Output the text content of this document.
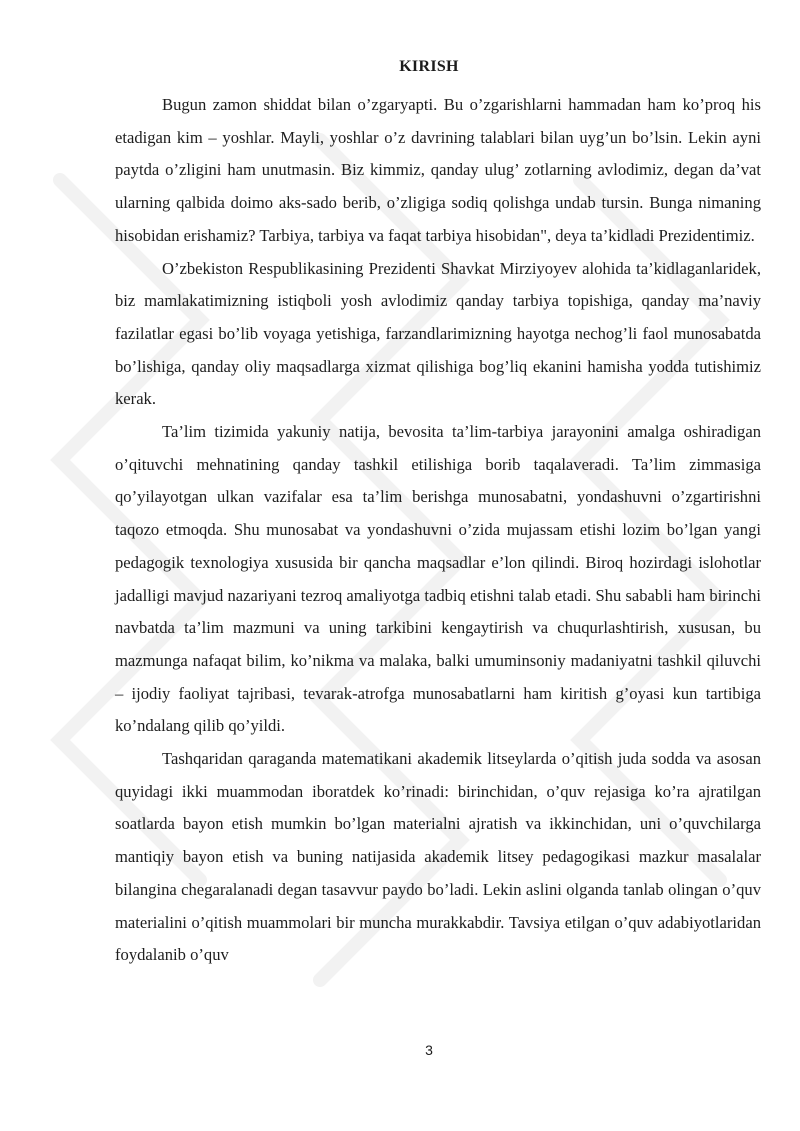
KIRISH

Bugun zamon shiddat bilan o’zgaryapti. Bu o’zgarishlarni hammadan ham ko’proq his etadigan kim – yoshlar. Mayli, yoshlar o’z davrining talablari bilan uyg’un bo’lsin. Lekin ayni paytda o’zligini ham unutmasin. Biz kimmiz, qanday ulug’ zotlarning avlodimiz, degan da’vat ularning qalbida doimo aks-sado berib, o’zligiga sodiq qolishga undab tursin. Bunga nimaning hisobidan erishamiz? Tarbiya, tarbiya va faqat tarbiya hisobidan", deya ta’kidladi Prezidentimiz.

O’zbekiston Respublikasining Prezidenti Shavkat Mirziyoyev alohida ta’kidlaganlaridek, biz mamlakatimizning istiqboli yosh avlodimiz qanday tarbiya topishiga, qanday ma’naviy fazilatlar egasi bo’lib voyaga yetishiga, farzandlarimizning hayotga nechog’li faol munosabatda bo’lishiga, qanday oliy maqsadlarga xizmat qilishiga bog’liq ekanini hamisha yodda tutishimiz kerak.

Ta’lim tizimida yakuniy natija, bevosita ta’lim-tarbiya jarayonini amalga oshiradigan o’qituvchi mehnatining qanday tashkil etilishiga borib taqalaveradi. Ta’lim zimmasiga qo’yilayotgan ulkan vazifalar esa ta’lim berishga munosabatni, yondashuvni o’zgartirishni taqozo etmoqda. Shu munosabat va yondashuvni o’zida mujassam etishi lozim bo’lgan yangi pedagogik texnologiya xususida bir qancha maqsadlar e’lon qilindi. Biroq hozirdagi islohotlar jadalligi mavjud nazariyani tezroq amaliyotga tadbiq etishni talab etadi. Shu sababli ham birinchi navbatda ta’lim mazmuni va uning tarkibini kengaytirish va chuqurlashtirish, xususan, bu mazmunga nafaqat bilim, ko’nikma va malaka, balki umuminsoniy madaniyatni tashkil qiluvchi – ijodiy faoliyat tajribasi, tevarak-atrofga munosabatlarni ham kiritish g’oyasi kun tartibiga ko’ndalang qilib qo’yildi.

Tashqaridan qaraganda matematikani akademik litseylarda o’qitish juda sodda va asosan quyidagi ikki muammodan iboratdek ko’rinadi: birinchidan, o’quv rejasiga ko’ra ajratilgan soatlarda bayon etish mumkin bo’lgan materialni ajratish va ikkinchidan, uni o’quvchilarga mantiqiy bayon etish va buning natijasida akademik litsey pedagogikasi mazkur masalalar bilangina chegaralanadi degan tasavvur paydo bo’ladi. Lekin aslini olganda tanlab olingan o’quv materialini o’qitish muammolari bir muncha murakkabdir. Tavsiya etilgan o’quv adabiyotlaridan foydalanib o’quv

3
